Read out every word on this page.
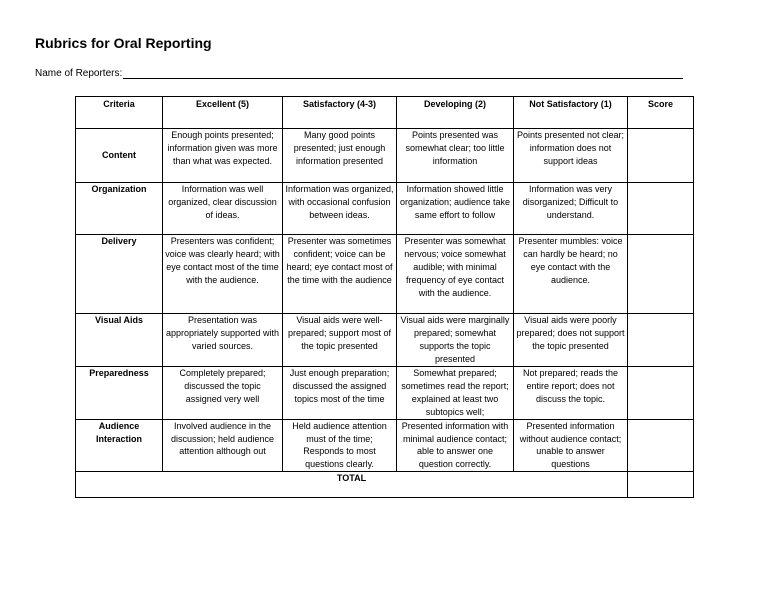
Rubrics for Oral Reporting
Name of Reporters:
Criteria	Excellent (5)	Satisfactory (4-3)	Developing (2)	Not Satisfactory (1)	Score
Content	Enough points presented; information given was more than what was expected.	Many good points presented; just enough information presented	Points presented was somewhat clear; too little information	Points presented not clear; information does not support ideas	
Organization	Information was well organized, clear discussion of ideas.	Information was organized, with occasional confusion between ideas.	Information showed little organization; audience take same effort to follow	Information was very disorganized; Difficult to understand.	
Delivery	Presenters was confident; voice was clearly heard; with eye contact most of the time with the audience.	Presenter was sometimes confident; voice can be heard; eye contact most of the time with the audience	Presenter was somewhat nervous; voice somewhat audible; with minimal frequency of eye contact with the audience.	Presenter mumbles: voice can hardly be heard; no eye contact with the audience.	
Visual Aids	Presentation was appropriately supported with varied sources.	Visual aids were well-prepared; support most of the topic presented	Visual aids were marginally prepared; somewhat supports the topic presented	Visual aids were poorly prepared; does not support the topic presented	
Preparedness	Completely prepared; discussed the topic assigned very well	Just enough preparation; discussed the assigned topics most of the time	Somewhat prepared; sometimes read the report; explained at least two subtopics well;	Not prepared; reads the entire report; does not discuss the topic.	
Audience Interaction	Involved audience in the discussion; held audience attention although out	Held audience attention must of the time; Responds to most questions clearly.	Presented information with minimal audience contact; able to answer one question correctly.	Presented information without audience contact; unable to answer questions	
TOTAL					
